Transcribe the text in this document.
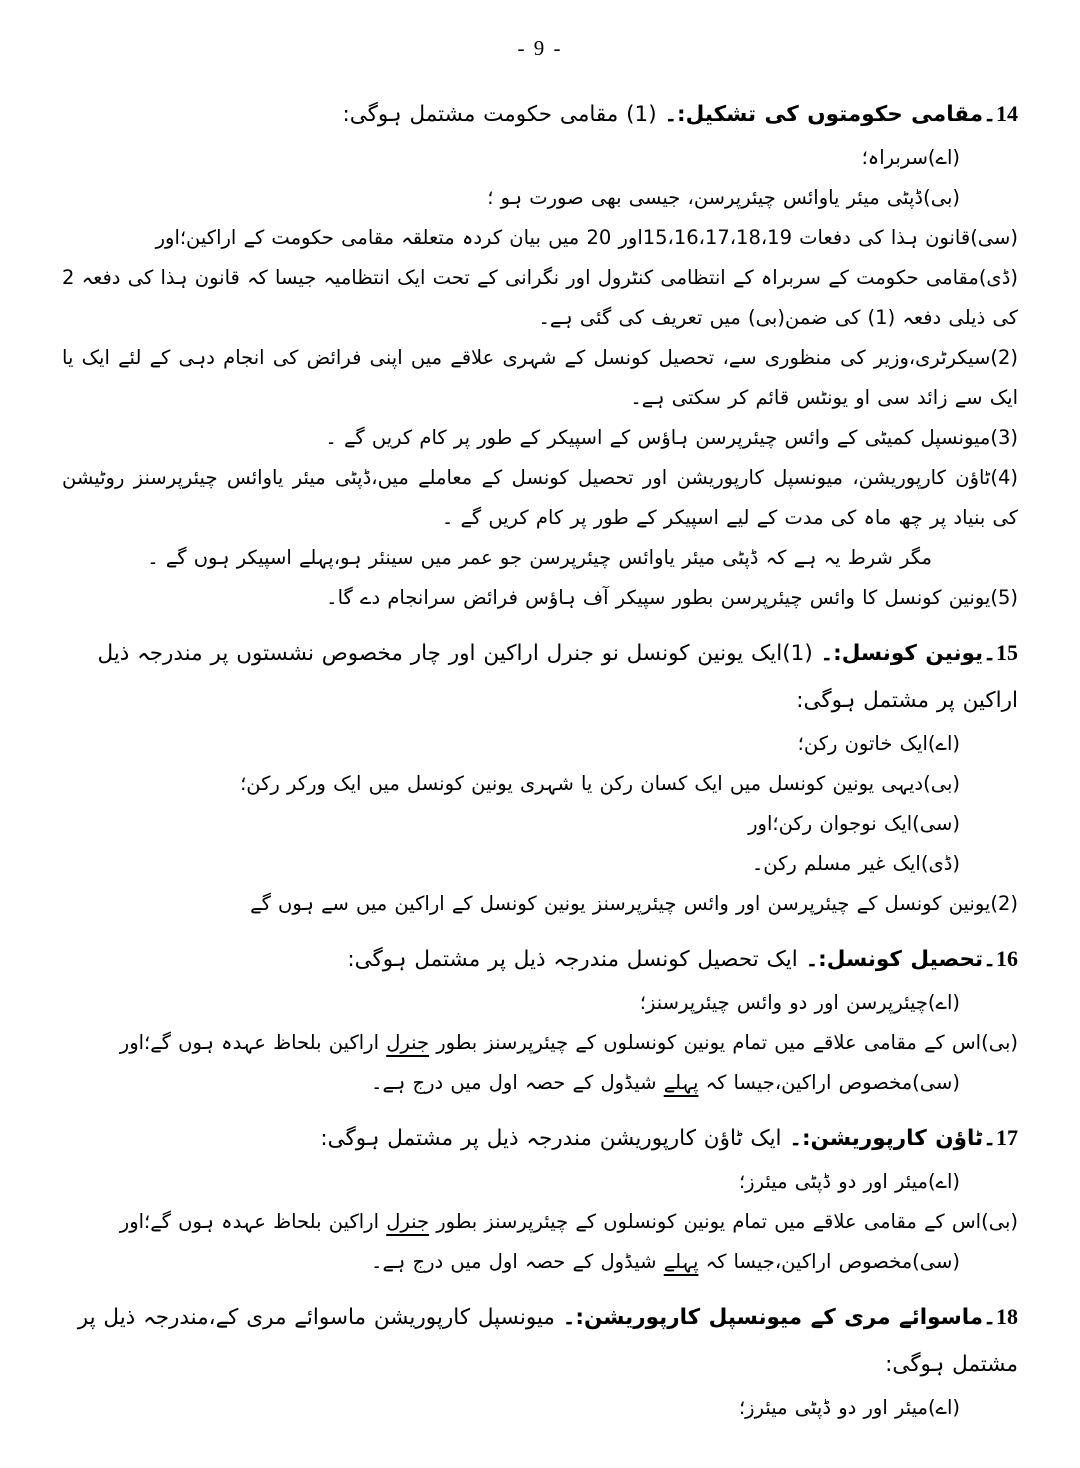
- 9 -
14۔مقامی حکومتوں کی تشکیل:۔ (1) مقامی حکومت مشتمل ہوگی:
(اے)سربراہ؛
(بی)ڈپٹی میئر یاوائس چیئرپرسن، جیسی بھی صورت ہو ؛
(سی)قانون ہذا کی دفعات 15،16،17،18،19اور 20 میں بیان کردہ متعلقہ مقامی حکومت کے اراکین؛اور
(ڈی)مقامی حکومت کے سربراہ کے انتظامی کنٹرول اور نگرانی کے تحت ایک انتظامیہ جیسا کہ قانون ہذا کی دفعہ 2 کی ذیلی دفعہ (1) کی ضمن(بی) میں تعریف کی گئی ہے۔
(2)سیکرٹری،وزیر کی منظوری سے، تحصیل کونسل کے شہری علاقے میں اپنی فرائض کی انجام دہی کے لئے ایک یا ایک سے زائد سی او یونٹس قائم کر سکتی ہے۔
(3)میونسپل کمیٹی کے وائس چیئرپرسن ہاؤس کے اسپیکر کے طور پر کام کریں گے ۔
(4)ٹاؤن کارپوریشن، میونسپل کارپوریشن اور تحصیل کونسل کے معاملے میں،ڈپٹی میئر یاوائس چیئرپرسنز روٹیشن کی بنیاد پر چھ ماہ کی مدت کے لیے اسپیکر کے طور پر کام کریں گے ۔
مگر شرط یہ ہے کہ ڈپٹی میئر یاوائس چیئرپرسن جو عمر میں سینئر ہو،پہلے اسپیکر ہوں گے ۔
(5)یونین کونسل کا وائس چیئرپرسن بطور سپیکر آف ہاؤس فرائض سرانجام دے گا۔
15۔یونین کونسل:۔ (1)ایک یونین کونسل نو جنرل اراکین اور چار مخصوص نشستوں پر مندرجہ ذیل اراکین پر مشتمل ہوگی:
(اے)ایک خاتون رکن؛
(بی)دیہی یونین کونسل میں ایک کسان رکن یا شہری یونین کونسل میں ایک ورکر رکن؛
(سی)ایک نوجوان رکن؛اور
(ڈی)ایک غیر مسلم رکن۔
(2)یونین کونسل کے چیئرپرسن اور وائس چیئرپرسنز یونین کونسل کے اراکین میں سے ہوں گے
16۔تحصیل کونسل:۔ ایک تحصیل کونسل مندرجہ ذیل پر مشتمل ہوگی:
(اے)چیئرپرسن اور دو وائس چیئرپرسنز؛
(بی)اس کے مقامی علاقے میں تمام یونین کونسلوں کے چیئرپرسنز بطور جنرل اراکین بلحاظ عہدہ ہوں گے؛اور
(سی)مخصوص اراکین،جیسا کہ پہلے شیڈول کے حصہ اول میں درج ہے۔
17۔ٹاؤن کارپوریشن:۔ ایک ٹاؤن کارپوریشن مندرجہ ذیل پر مشتمل ہوگی:
(اے)میئر اور دو ڈپٹی میئرز؛
(بی)اس کے مقامی علاقے میں تمام یونین کونسلوں کے چیئرپرسنز بطور جنرل اراکین بلحاظ عہدہ ہوں گے؛اور
(سی)مخصوص اراکین،جیسا کہ پہلے شیڈول کے حصہ اول میں درج ہے۔
18۔ماسوائے مری کے میونسپل کارپوریشن:۔ میونسپل کارپوریشن ماسوائے مری کے،مندرجہ ذیل پر مشتمل ہوگی:
(اے)میئر اور دو ڈپٹی میئرز؛
